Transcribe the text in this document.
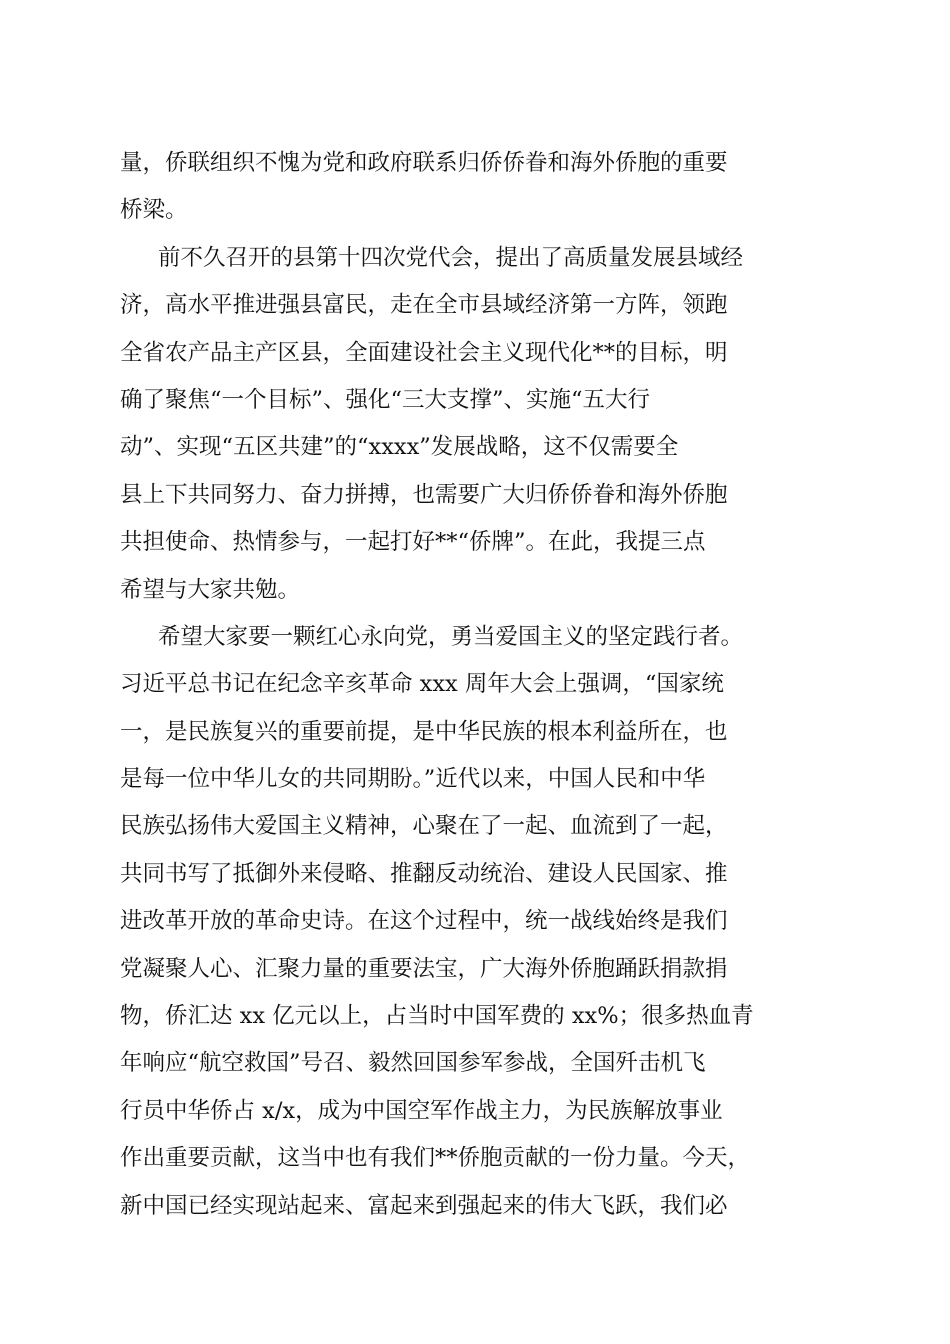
量，侨联组织不愧为党和政府联系归侨侨眷和海外侨胞的重要
桥梁。
前不久召开的县第十四次党代会，提出了高质量发展县域经
济，高水平推进强县富民，走在全市县域经济第一方阵，领跑
全省农产品主产区县，全面建设社会主义现代化**的目标，明
确了聚焦“一个目标”、强化“三大支撑”、实施“五大行
动”、实现“五区共建”的“xxxx”发展战略，这不仅需要全
县上下共同努力、奋力拼搏，也需要广大归侨侨眷和海外侨胞
共担使命、热情参与，一起打好**“侨牌”。在此，我提三点
希望与大家共勉。
希望大家要一颗红心永向党，勇当爱国主义的坚定践行者。
习近平总书记在纪念辛亥革命 xxx 周年大会上强调，“国家统
一，是民族复兴的重要前提，是中华民族的根本利益所在，也
是每一位中华儿女的共同期盼。”近代以来，中国人民和中华
民族弘扬伟大爱国主义精神，心聚在了一起、血流到了一起，
共同书写了抵御外来侵略、推翻反动统治、建设人民国家、推
进改革开放的革命史诗。在这个过程中，统一战线始终是我们
党凝聚人心、汇聚力量的重要法宝，广大海外侨胞踊跃捐款捐
物，侨汇达 xx 亿元以上，占当时中国军费的 xx%；很多热血青
年响应“航空救国”号召、毅然回国参军参战，全国歼击机飞
行员中华侨占 x/x，成为中国空军作战主力，为民族解放事业
作出重要贡献，这当中也有我们**侨胞贡献的一份力量。今天，
新中国已经实现站起来、富起来到强起来的伟大飞跃，我们必
